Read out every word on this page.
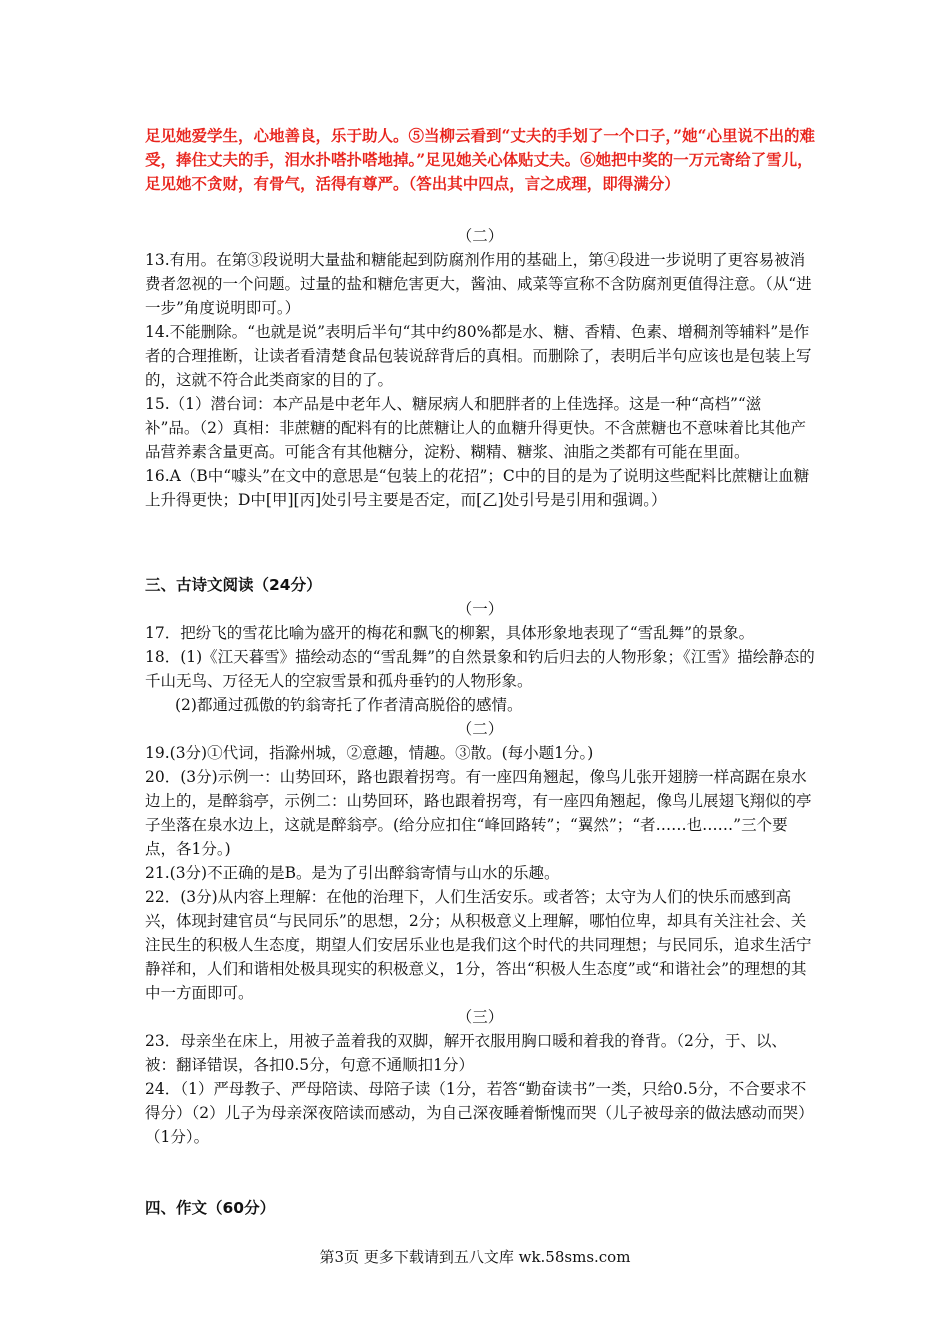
足见她爱学生，心地善良，乐于助人。⑤当柳云看到“丈夫的手划了一个口子，”她“心里说不出的难受，捧住丈夫的手，泪水扑嗒扑嗒地掉。”足见她关心体贴丈夫。⑥她把中奖的一万元寄给了雪儿，足见她不贪财，有骨气，活得有尊严。（答出其中四点，言之成理，即得满分）

（二）

13.有用。在第③段说明大量盐和糖能起到防腐剂作用的基础上，第④段进一步说明了更容易被消费者忽视的一个问题。过量的盐和糖危害更大，酱油、咸菜等宣称不含防腐剂更值得注意。（从“进一步”角度说明即可。）

14.不能删除。“也就是说”表明后半句“其中约80%都是水、糖、香精、色素、增稠剂等辅料”是作者的合理推断，让读者看清楚食品包装说辞背后的真相。而删除了，表明后半句应该也是包装上写的，这就不符合此类商家的目的了。

15.（1）潜台词：本产品是中老年人、糖尿病人和肥胖者的上佳选择。这是一种“高档”“滋补”品。（2）真相：非蔗糖的配料有的比蔗糖让人的血糖升得更快。不含蔗糖也不意味着比其他产品营养素含量更高。可能含有其他糖分，淀粉、糊精、糖浆、油脂之类都有可能在里面。

16.A（B中“噱头”在文中的意思是“包装上的花招”；C中的目的是为了说明这些配料比蔗糖让血糖上升得更快；D中[甲][丙]处引号主要是否定，而[乙]处引号是引用和强调。）

三、古诗文阅读（24分）

（一）

17．把纷飞的雪花比喻为盛开的梅花和飘飞的柳絮，具体形象地表现了“雪乱舞”的景象。

18．(1)《江天暮雪》描绘动态的“雪乱舞”的自然景象和钓后归去的人物形象；《江雪》描绘静态的千山无鸟、万径无人的空寂雪景和孤舟垂钓的人物形象。

(2)都通过孤傲的钓翁寄托了作者清高脱俗的感情。

（二）

19.(3分)①代词，指滁州城，②意趣，情趣。③散。(每小题1分。)

20．(3分)示例一：山势回环，路也跟着拐弯。有一座四角翘起，像鸟儿张开翅膀一样高踞在泉水边上的，是醉翁亭，示例二：山势回环，路也跟着拐弯，有一座四角翘起，像鸟儿展翅飞翔似的亭子坐落在泉水边上，这就是醉翁亭。(给分应扣住“峰回路转”；“翼然”；“者……也……”三个要点，各1分。)

21.(3分)不正确的是B。是为了引出醉翁寄情与山水的乐趣。

22．(3分)从内容上理解：在他的治理下，人们生活安乐。或者答；太守为人们的快乐而感到高兴，体现封建官员“与民同乐”的思想，2分；从积极意义上理解，哪怕位卑，却具有关注社会、关注民生的积极人生态度，期望人们安居乐业也是我们这个时代的共同理想；与民同乐，追求生活宁静祥和，人们和谐相处极具现实的积极意义，1分，答出“积极人生态度”或“和谐社会”的理想的其中一方面即可。

（三）

23．母亲坐在床上，用被子盖着我的双脚，解开衣服用胸口暖和着我的脊背。（2分，于、以、被：翻译错误，各扣0.5分，句意不通顺扣1分）

24．（1）严母教子、严母陪读、母陪子读（1分，若答“勤奋读书”一类，只给0.5分，不合要求不得分）（2）儿子为母亲深夜陪读而感动，为自己深夜睡着惭愧而哭（儿子被母亲的做法感动而哭）（1分）。

四、作文（60分）

第3页 更多下载请到五八文库 wk.58sms.com
